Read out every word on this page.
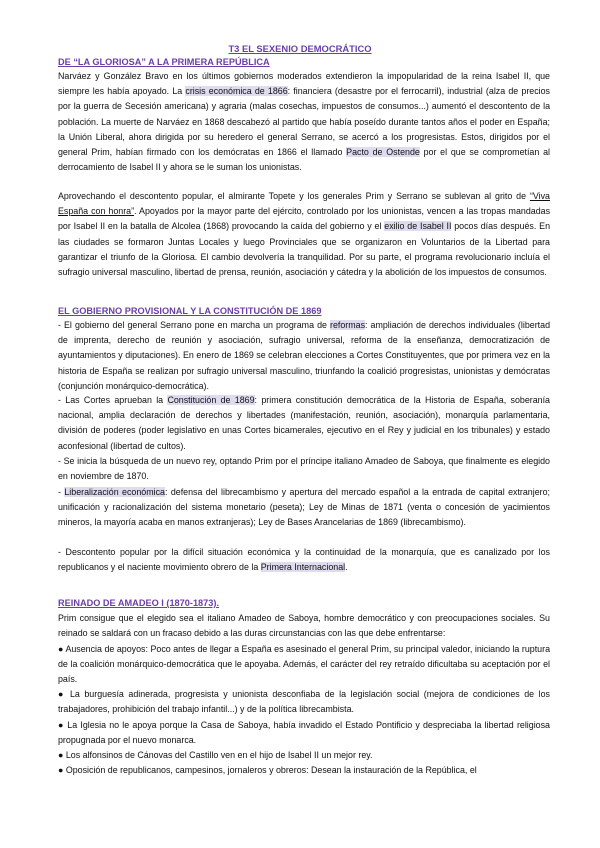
T3 EL SEXENIO DEMOCRÁTICO
DE “LA GLORIOSA” A LA PRIMERA REPÚBLICA

Narváez y González Bravo en los últimos gobiernos moderados extendieron la impopularidad de la reina Isabel II, que siempre les había apoyado. La crisis económica de 1866: financiera (desastre por el ferrocarril), industrial (alza de precios por la guerra de Secesión americana) y agraria (malas cosechas, impuestos de consumos...) aumentó el descontento de la población. La muerte de Narváez en 1868 descabezó al partido que había poseído durante tantos años el poder en España; la Unión Liberal, ahora dirigida por su heredero el general Serrano, se acercó a los progresistas. Estos, dirigidos por el general Prim, habían firmado con los demócratas en 1866 el llamado Pacto de Ostende por el que se comprometían al derrocamiento de Isabel II y ahora se le suman los unionistas.

Aprovechando el descontento popular, el almirante Topete y los generales Prim y Serrano se sublevan al grito de “Viva España con honra”. Apoyados por la mayor parte del ejército, controlado por los unionistas, vencen a las tropas mandadas por Isabel II en la batalla de Alcolea (1868) provocando la caída del gobierno y el exilio de Isabel II pocos días después. En las ciudades se formaron Juntas Locales y luego Provinciales que se organizaron en Voluntarios de la Libertad para garantizar el triunfo de la Gloriosa. El cambio devolvería la tranquilidad. Por su parte, el programa revolucionario incluía el sufragio universal masculino, libertad de prensa, reunión, asociación y cátedra y la abolición de los impuestos de consumos.

EL GOBIERNO PROVISIONAL Y LA CONSTITUCIÓN DE 1869

- El gobierno del general Serrano pone en marcha un programa de reformas: ampliación de derechos individuales (libertad de imprenta, derecho de reunión y asociación, sufragio universal, reforma de la enseñanza, democratización de ayuntamientos y diputaciones). En enero de 1869 se celebran elecciones a Cortes Constituyentes, que por primera vez en la historia de España se realizan por sufragio universal masculino, triunfando la coalició progresistas, unionistas y demócratas (conjunción monárquico-democrática).

- Las Cortes aprueban la Constitución de 1869: primera constitución democrática de la Historia de España, soberanía nacional, amplia declaración de derechos y libertades (manifestación, reunión, asociación), monarquía parlamentaria, división de poderes (poder legislativo en unas Cortes bicamerales, ejecutivo en el Rey y judicial en los tribunales) y estado aconfesional (libertad de cultos).

- Se inicia la búsqueda de un nuevo rey, optando Prim por el príncipe italiano Amadeo de Saboya, que finalmente es elegido en noviembre de 1870.

- Liberalización económica: defensa del librecambismo y apertura del mercado español a la entrada de capital extranjero; unificación y racionalización del sistema monetario (peseta); Ley de Minas de 1871 (venta o concesión de yacimientos mineros, la mayoría acaba en manos extranjeras); Ley de Bases Arancelarias de 1869 (librecambismo).

- Descontento popular por la difícil situación económica y la continuidad de la monarquía, que es canalizado por los republicanos y el naciente movimiento obrero de la Primera Internacional.

REINADO DE AMADEO I (1870-1873).

Prim consigue que el elegido sea el italiano Amadeo de Saboya, hombre democrático y con preocupaciones sociales. Su reinado se saldará con un fracaso debido a las duras circunstancias con las que debe enfrentarse:

● Ausencia de apoyos: Poco antes de llegar a España es asesinado el general Prim, su principal valedor, iniciando la ruptura de la coalición monárquico-democrática que le apoyaba. Además, el carácter del rey retraído dificultaba su aceptación por el país.

● La burguesía adinerada, progresista y unionista desconfiaba de la legislación social (mejora de condiciones de los trabajadores, prohibición del trabajo infantil...) y de la política librecambista.

● La Iglesia no le apoya porque la Casa de Saboya, había invadido el Estado Pontificio y despreciaba la libertad religiosa propugnada por el nuevo monarca.

● Los alfonsinos de Cánovas del Castillo ven en el hijo de Isabel II un mejor rey.

● Oposición de republicanos, campesinos, jornaleros y obreros: Desean la instauración de la República, el
